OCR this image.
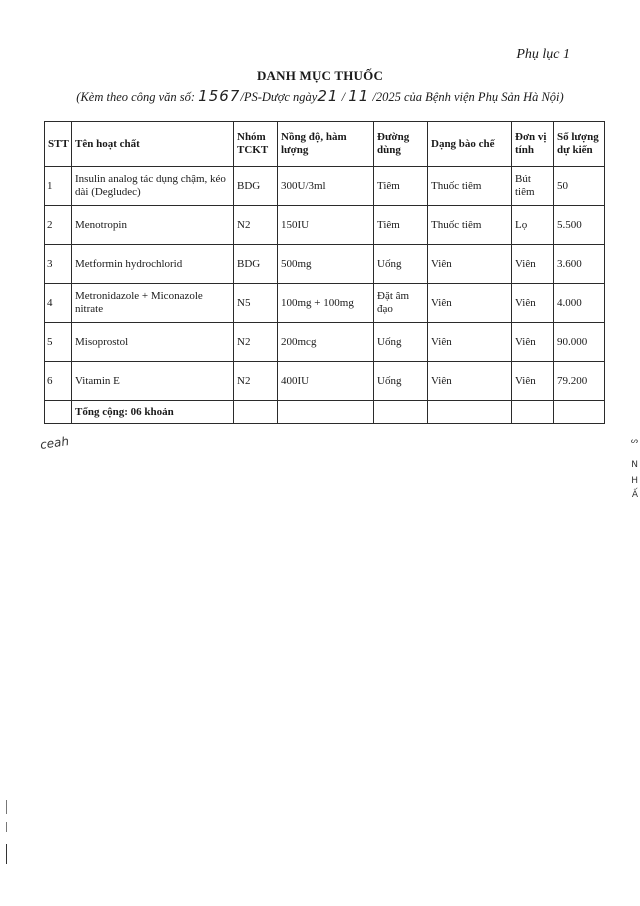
Phụ lục 1
DANH MỤC THUỐC
(Kèm theo công văn số: 1567/PS-Dược ngày21 / 11 /2025 của Bệnh viện Phụ Sản Hà Nội)
STT	Tên hoạt chất	Nhóm TCKT	Nồng độ, hàm lượng	Đường dùng	Dạng bào chế	Đơn vị tính	Số lượng dự kiến
1	Insulin analog tác dụng chậm, kéo dài (Degludec)	BDG	300U/3ml	Tiêm	Thuốc tiêm	Bút tiêm	50
2	Menotropin	N2	150IU	Tiêm	Thuốc tiêm	Lọ	5.500
3	Metformin hydrochlorid	BDG	500mg	Uống	Viên	Viên	3.600
4	Metronidazole + Miconazole nitrate	N5	100mg + 100mg	Đặt âm đạo	Viên	Viên	4.000
5	Misoprostol	N2	200mcg	Uống	Viên	Viên	90.000
6	Vitamin E	N2	400IU	Uống	Viên	Viên	79.200
	Tổng cộng: 06 khoản						
ceah	ᔕ
N
H
Ấ
